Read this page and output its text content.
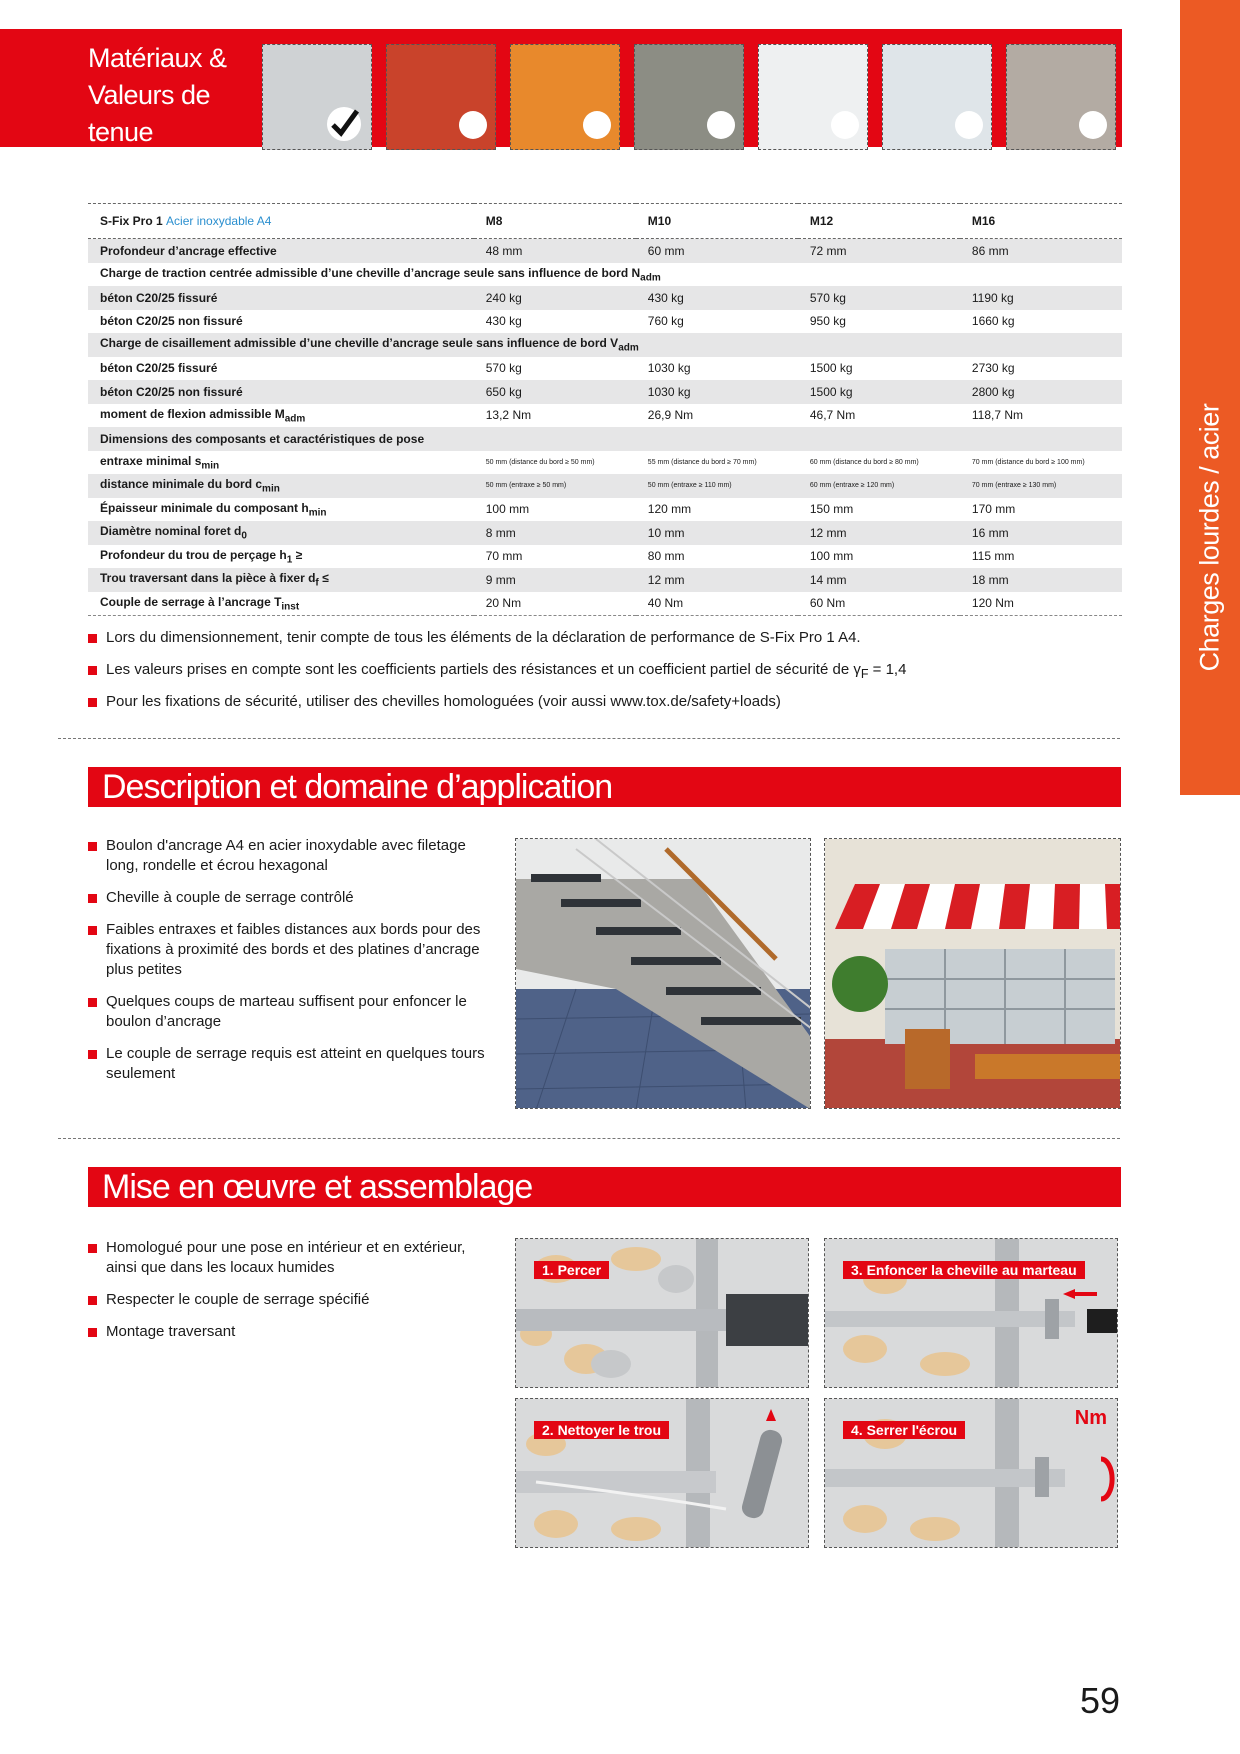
Matériaux &
Valeurs de tenue
Charges lourdes / acier
S-Fix Pro 1 Acier inoxydable A4	M8	M10	M12	M16
Profondeur d’ancrage effective	48 mm	60 mm	72 mm	86 mm
Charge de traction centrée admissible d’une cheville d’ancrage seule sans influence de bord $N_{adm}$
béton C20/25 fissuré	240 kg	430 kg	570 kg	1190 kg
béton C20/25 non fissuré	430 kg	760 kg	950 kg	1660 kg
Charge de cisaillement admissible d’une cheville d’ancrage seule sans influence de bord $V_{adm}$
béton C20/25 fissuré	570 kg	1030 kg	1500 kg	2730 kg
béton C20/25 non fissuré	650 kg	1030 kg	1500 kg	2800 kg
moment de flexion admissible $M_{adm}$	13,2 Nm	26,9 Nm	46,7 Nm	118,7 Nm
Dimensions des composants et caractéristiques de pose				
entraxe minimal $s_{min}$	50 mm (distance du bord ≥ 50 mm)	55 mm (distance du bord ≥ 70 mm)	60 mm (distance du bord ≥ 80 mm)	70 mm (distance du bord ≥ 100 mm)
distance minimale du bord $c_{min}$	50 mm (entraxe ≥ 50 mm)	50 mm (entraxe ≥ 110 mm)	60 mm (entraxe ≥ 120 mm)	70 mm (entraxe ≥ 130 mm)
Épaisseur minimale du composant $h_{min}$	100 mm	120 mm	150 mm	170 mm
Diamètre nominal foret $d_0$	8 mm	10 mm	12 mm	16 mm
Profondeur du trou de perçage $h_1$ ≥	70 mm	80 mm	100 mm	115 mm
Trou traversant dans la pièce à fixer $d_f$ ≤	9 mm	12 mm	14 mm	18 mm
Couple de serrage à l’ancrage $T_{inst}$	20 Nm	40 Nm	60 Nm	120 Nm
Lors du dimensionnement, tenir compte de tous les éléments de la déclaration de performance de S-Fix Pro 1 A4.
Les valeurs prises en compte sont les coefficients partiels des résistances et un coefficient partiel de sécurité de $\gamma_F = 1,4$
Pour les fixations de sécurité, utiliser des chevilles homologuées (voir aussi www.tox.de/safety+loads)
Description et domaine d’application
Boulon d'ancrage A4 en acier inoxydable avec filetage long, rondelle et écrou hexagonal
Cheville à couple de serrage contrôlé
Faibles entraxes et faibles distances aux bords pour des fixations à proximité des bords et des platines d’ancrage plus petites
Quelques coups de marteau suffisent pour enfoncer le boulon d’ancrage
Le couple de serrage requis est atteint en quelques tours seulement
Mise en œuvre et assemblage
Homologué pour une pose en intérieur et en extérieur, ainsi que dans les locaux humides
Respecter le couple de serrage spécifié
Montage traversant
1. Percer	3. Enfoncer la cheville au marteau
2. Nettoyer le trou	4. Serrer l'écrou
Nm
59
